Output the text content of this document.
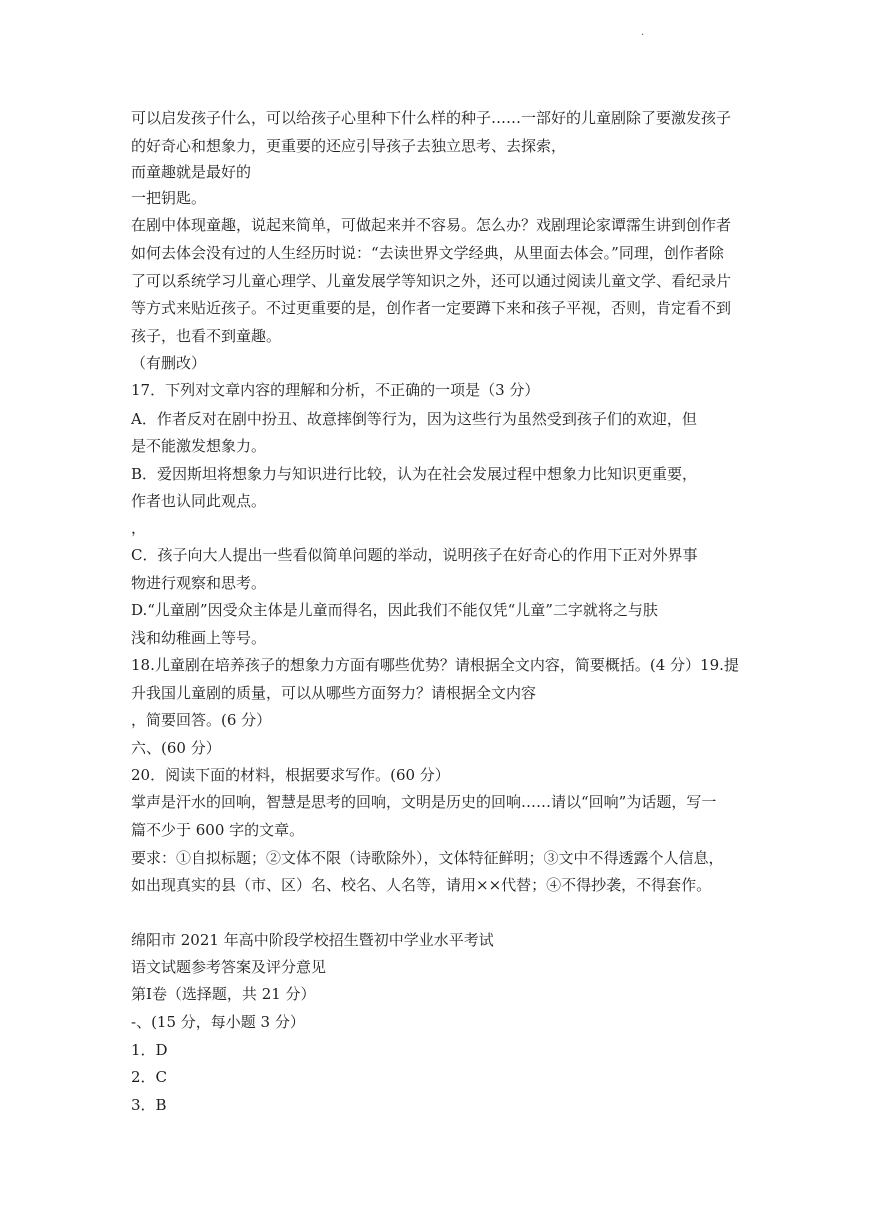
·
可以启发孩子什么，可以给孩子心里种下什么样的种子……一部好的儿童剧除了要激发孩子
的好奇心和想象力，更重要的还应引导孩子去独立思考、去探索，
而童趣就是最好的
一把钥匙。
在剧中体现童趣，说起来简单，可做起来并不容易。怎么办？戏剧理论家谭霈生讲到创作者
如何去体会没有过的人生经历时说：“去读世界文学经典，从里面去体会。”同理，创作者除
了可以系统学习儿童心理学、儿童发展学等知识之外，还可以通过阅读儿童文学、看纪录片
等方式来贴近孩子。不过更重要的是，创作者一定要蹲下来和孩子平视，否则，肯定看不到
孩子，也看不到童趣。
（有删改）
17．下列对文章内容的理解和分析，不正确的一项是（3 分）
A．作者反对在剧中扮丑、故意摔倒等行为，因为这些行为虽然受到孩子们的欢迎，但
是不能激发想象力。
B．爱因斯坦将想象力与知识进行比较，认为在社会发展过程中想象力比知识更重要，
作者也认同此观点。
，
C．孩子向大人提出一些看似简单问题的举动，说明孩子在好奇心的作用下正对外界事
物进行观察和思考。
D.“儿童剧”因受众主体是儿童而得名，因此我们不能仅凭“儿童”二字就将之与肤
浅和幼稚画上等号。
18.儿童剧在培养孩子的想象力方面有哪些优势？请根据全文内容，简要概括。(4 分）19.提
升我国儿童剧的质量，可以从哪些方面努力？请根据全文内容
，简要回答。(6 分）
六、(60 分）
20．阅读下面的材料，根据要求写作。(60 分）
掌声是汗水的回响，智慧是思考的回响，文明是历史的回响……请以“回响”为话题，写一
篇不少于 600 字的文章。
要求：①自拟标题；②文体不限（诗歌除外），文体特征鲜明；③文中不得透露个人信息，
如出现真实的县（市、区）名、校名、人名等，请用××代替；④不得抄袭，不得套作。
绵阳市 2021 年高中阶段学校招生暨初中学业水平考试
语文试题参考答案及评分意见
第Ⅰ卷（选择题，共 21 分）
-、(15 分，每小题 3 分）
1．D
2．C
3．B
